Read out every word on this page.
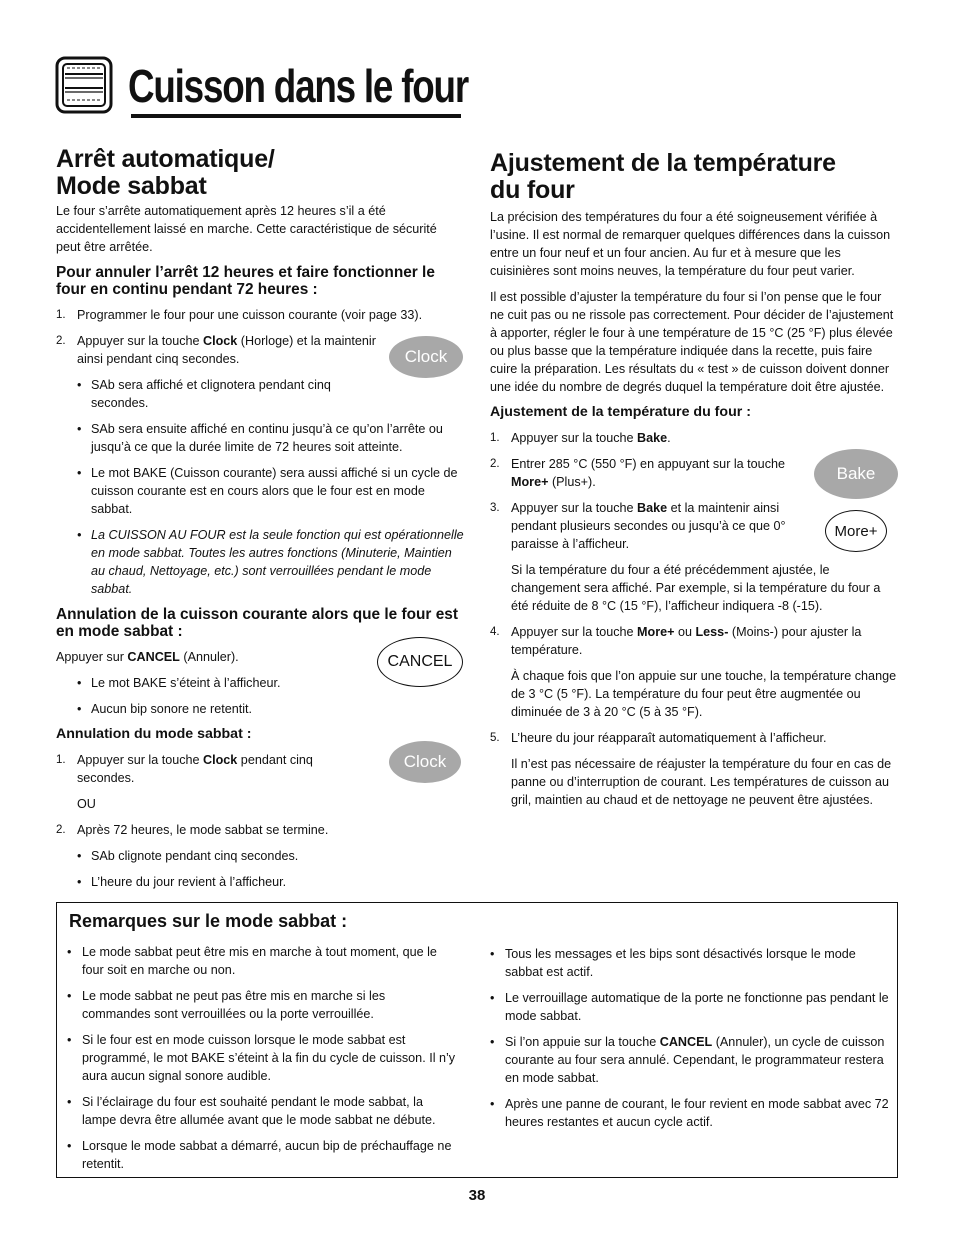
Cuisson dans le four
Arrêt automatique/
Mode sabbat

Le four s’arrête automatiquement après 12 heures s’il a été accidentellement laissé en marche. Cette caractéristique de sécurité peut être arrêtée.

Pour annuler l’arrêt 12 heures et faire fonctionner le four en continu pendant 72 heures :
1. Programmer le four pour une cuisson courante (voir page 33).
2. Appuyer sur la touche Clock (Horloge) et la maintenir ainsi pendant cinq secondes.
• SAb sera affiché et clignotera pendant cinq secondes.
• SAb sera ensuite affiché en continu jusqu’à ce qu’on l’arrête ou jusqu’à ce que la durée limite de 72 heures soit atteinte.
• Le mot BAKE (Cuisson courante) sera aussi affiché si un cycle de cuisson courante est en cours alors que le four est en mode sabbat.
• La CUISSON AU FOUR est la seule fonction qui est opérationnelle en mode sabbat. Toutes les autres fonctions (Minuterie, Maintien au chaud, Nettoyage, etc.) sont verrouillées pendant le mode sabbat.
Annulation de la cuisson courante alors que le four est en mode sabbat :

Appuyer sur CANCEL (Annuler).

• Le mot BAKE s’éteint à l’afficheur.
• Aucun bip sonore ne retentit.
Annulation du mode sabbat :
1. Appuyer sur la touche Clock pendant cinq secondes.
OU
2. Après 72 heures, le mode sabbat se termine.
• SAb clignote pendant cinq secondes.
• L’heure du jour revient à l’afficheur.
Clock
CANCEL
Clock
Ajustement de la température
du four

La précision des températures du four a été soigneusement vérifiée à l’usine. Il est normal de remarquer quelques différences dans la cuisson entre un four neuf et un four ancien. Au fur et à mesure que les cuisinières sont moins neuves, la température du four peut varier.

Il est possible d’ajuster la température du four si l’on pense que le four ne cuit pas ou ne rissole pas correctement. Pour décider de l’ajustement à apporter, régler le four à une température de 15 °C (25 °F) plus élevée ou plus basse que la température indiquée dans la recette, puis faire cuire la préparation. Les résultats du « test » de cuisson doivent donner une idée du nombre de degrés duquel la température doit être ajustée.

Ajustement de la température du four :
1. Appuyer sur la touche Bake.
2. Entrer 285 °C (550 °F) en appuyant sur la touche More+ (Plus+).
3. Appuyer sur la touche Bake et la maintenir ainsi pendant plusieurs secondes ou jusqu’à ce que 0° paraisse à l’afficheur.
Si la température du four a été précédemment ajustée, le changement sera affiché. Par exemple, si la température du four a été réduite de 8 °C (15 °F), l’afficheur indiquera -8 (-15).
4. Appuyer sur la touche More+ ou Less- (Moins-) pour ajuster la température.
À chaque fois que l’on appuie sur une touche, la température change de 3 °C (5 °F). La température du four peut être augmentée ou diminuée de 3 à 20 °C (5 à 35 °F).
5. L’heure du jour réapparaît automatiquement à l’afficheur.
Il n’est pas nécessaire de réajuster la température du four en cas de panne ou d’interruption de courant. Les températures de cuisson au gril, maintien au chaud et de nettoyage ne peuvent être ajustées.
Bake
More+
Remarques sur le mode sabbat :
• Le mode sabbat peut être mis en marche à tout moment, que le four soit en marche ou non.
• Le mode sabbat ne peut pas être mis en marche si les commandes sont verrouillées ou la porte verrouillée.
• Si le four est en mode cuisson lorsque le mode sabbat est programmé, le mot BAKE s’éteint à la fin du cycle de cuisson. Il n’y aura aucun signal sonore audible.
• Si l’éclairage du four est souhaité pendant le mode sabbat, la lampe devra être allumée avant que le mode sabbat ne débute.
• Lorsque le mode sabbat a démarré, aucun bip de préchauffage ne retentit.
• Tous les messages et les bips sont désactivés lorsque le mode sabbat est actif.
• Le verrouillage automatique de la porte ne fonctionne pas pendant le mode sabbat.
• Si l’on appuie sur la touche CANCEL (Annuler), un cycle de cuisson courante au four sera annulé. Cependant, le programmateur restera en mode sabbat.
• Après une panne de courant, le four revient en mode sabbat avec 72 heures restantes et aucun cycle actif.
38
